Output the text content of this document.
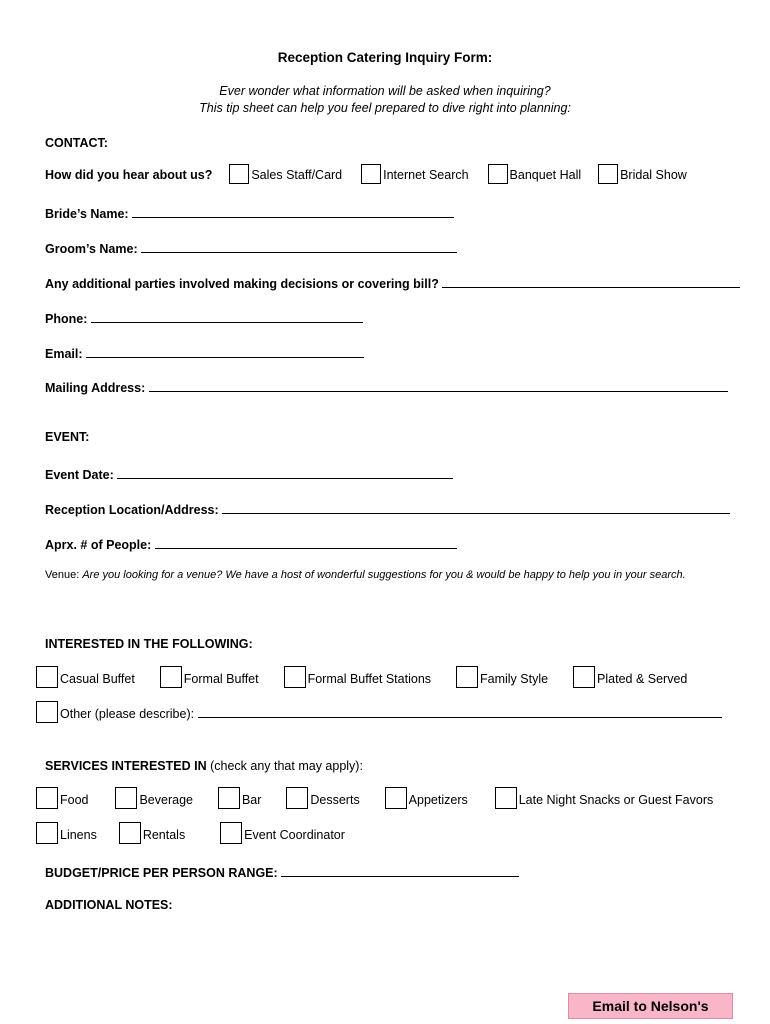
Reception Catering Inquiry Form:
Ever wonder what information will be asked when inquiring?
This tip sheet can help you feel prepared to dive right into planning:
CONTACT:
How did you hear about us?	Sales Staff/Card	Internet Search	Banquet Hall	Bridal Show
Bride’s Name:
Groom’s Name:
Any additional parties involved making decisions or covering bill?
Phone:
Email:
Mailing Address:
EVENT:
Event Date:
Reception Location/Address:
Aprx. # of People:
Venue: Are you looking for a venue? We have a host of wonderful suggestions for you & would be happy to help you in your search.
INTERESTED IN THE FOLLOWING:
Casual Buffet	Formal Buffet	Formal Buffet Stations	Family Style	Plated & Served
Other (please describe):
SERVICES INTERESTED IN (check any that may apply):
Food	Beverage	Bar	Desserts	Appetizers	Late Night Snacks or Guest Favors
Linens	Rentals	Event Coordinator
BUDGET/PRICE PER PERSON RANGE:
ADDITIONAL NOTES:
Email to Nelson's
